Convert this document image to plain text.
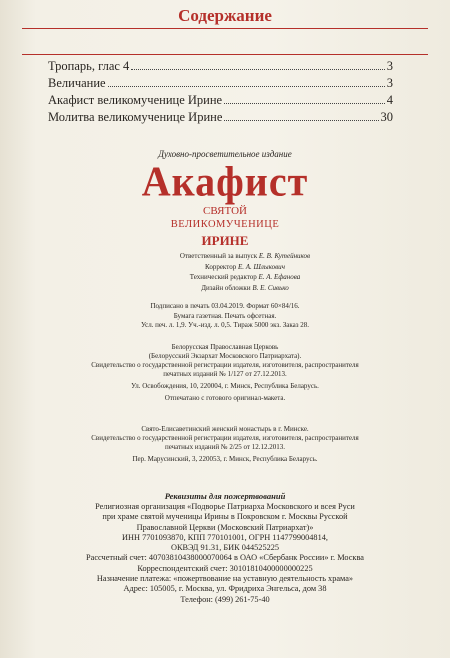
Содержание
Тропарь, глас 4	3
Величание	3
Акафист великомученице Ирине	4
Молитва великомученице Ирине	30
Духовно-просветительное издание
Акафист
СВЯТОЙ
ВЕЛИКОМУЧЕНИЦЕ
ИРИНЕ
Ответственный за выпуск Е. В. Кутейников
Корректор Е. А. Шлыкович
Технический редактор Е. А. Ефанова
Дизайн обложки В. Е. Сивько
Подписано в печать 03.04.2019. Формат 60×84/16.
Бумага газетная. Печать офсетная.
Усл. печ. л. 1,9. Уч.-изд. л. 0,5. Тираж 5000 экз. Заказ 28.
Белорусская Православная Церковь
(Белорусский Экзархат Московского Патриархата).
Свидетельство о государственной регистрации издателя, изготовителя, распространителя
печатных изданий № 1/127 от 27.12.2013.
Ул. Освобождения, 10, 220004, г. Минск, Республика Беларусь.
Отпечатано с готового оригинал-макета.
Свято-Елисаветинский женский монастырь в г. Минске.
Свидетельство о государственной регистрации издателя, изготовителя, распространителя
печатных изданий № 2/25 от 12.12.2013.
Пер. Марусинский, 3, 220053, г. Минск, Республика Беларусь.
Реквизиты для пожертвований
Религиозная организация «Подворье Патриарха Московского и всея Руси
при храме святой мученицы Ирины в Покровском г. Москвы Русской
Православной Церкви (Московский Патриархат)»
ИНН 7701093870, КПП 770101001, ОГРН 1147799004814,
ОКВЭД 91.31, БИК 044525225
Рассчетный счет: 40703810438000070064 в ОАО «Сбербанк России» г. Москва
Корреспондентский счет: 30101810400000000225
Назначение платежа: «пожертвование на уставную деятельность храма»
Адрес: 105005, г. Москва, ул. Фридриха Энгельса, дом 38
Телефон: (499) 261-75-40
